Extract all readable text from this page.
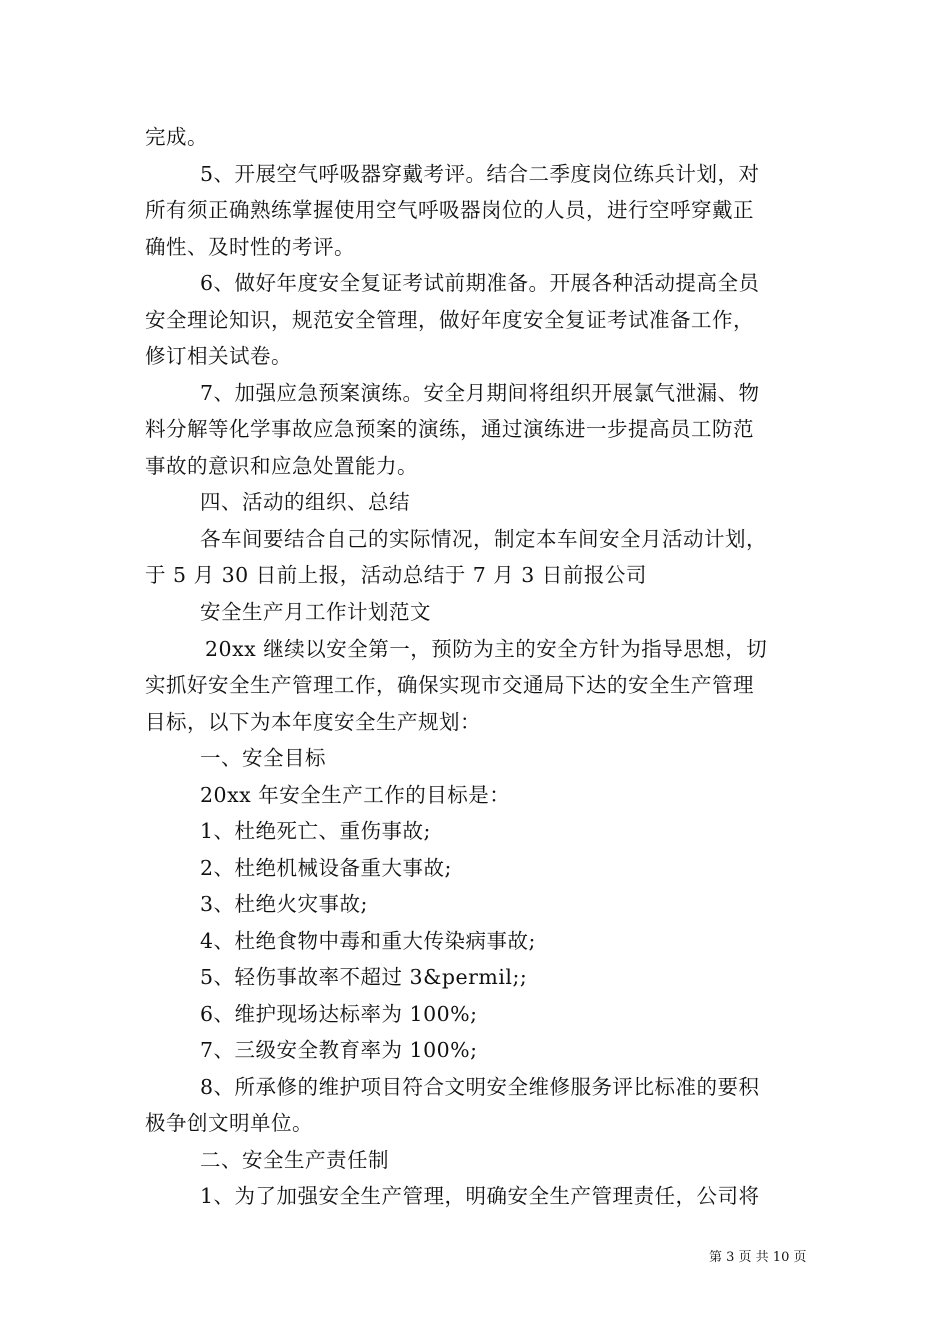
完成。
5、开展空气呼吸器穿戴考评。结合二季度岗位练兵计划，对
所有须正确熟练掌握使用空气呼吸器岗位的人员，进行空呼穿戴正
确性、及时性的考评。
6、做好年度安全复证考试前期准备。开展各种活动提高全员
安全理论知识，规范安全管理，做好年度安全复证考试准备工作，
修订相关试卷。
7、加强应急预案演练。安全月期间将组织开展氯气泄漏、物
料分解等化学事故应急预案的演练，通过演练进一步提高员工防范
事故的意识和应急处置能力。
四、活动的组织、总结
各车间要结合自己的实际情况，制定本车间安全月活动计划，
于 5 月 30 日前上报，活动总结于 7 月 3 日前报公司
安全生产月工作计划范文
20xx 继续以安全第一，预防为主的安全方针为指导思想，切
实抓好安全生产管理工作，确保实现市交通局下达的安全生产管理
目标，以下为本年度安全生产规划：
一、安全目标
20xx 年安全生产工作的目标是：
1、杜绝死亡、重伤事故;
2、杜绝机械设备重大事故;
3、杜绝火灾事故;
4、杜绝食物中毒和重大传染病事故;
5、轻伤事故率不超过 3&permil;;
6、维护现场达标率为 100%;
7、三级安全教育率为 100%;
8、所承修的维护项目符合文明安全维修服务评比标准的要积
极争创文明单位。
二、安全生产责任制
1、为了加强安全生产管理，明确安全生产管理责任，公司将
第 3 页 共 10 页
